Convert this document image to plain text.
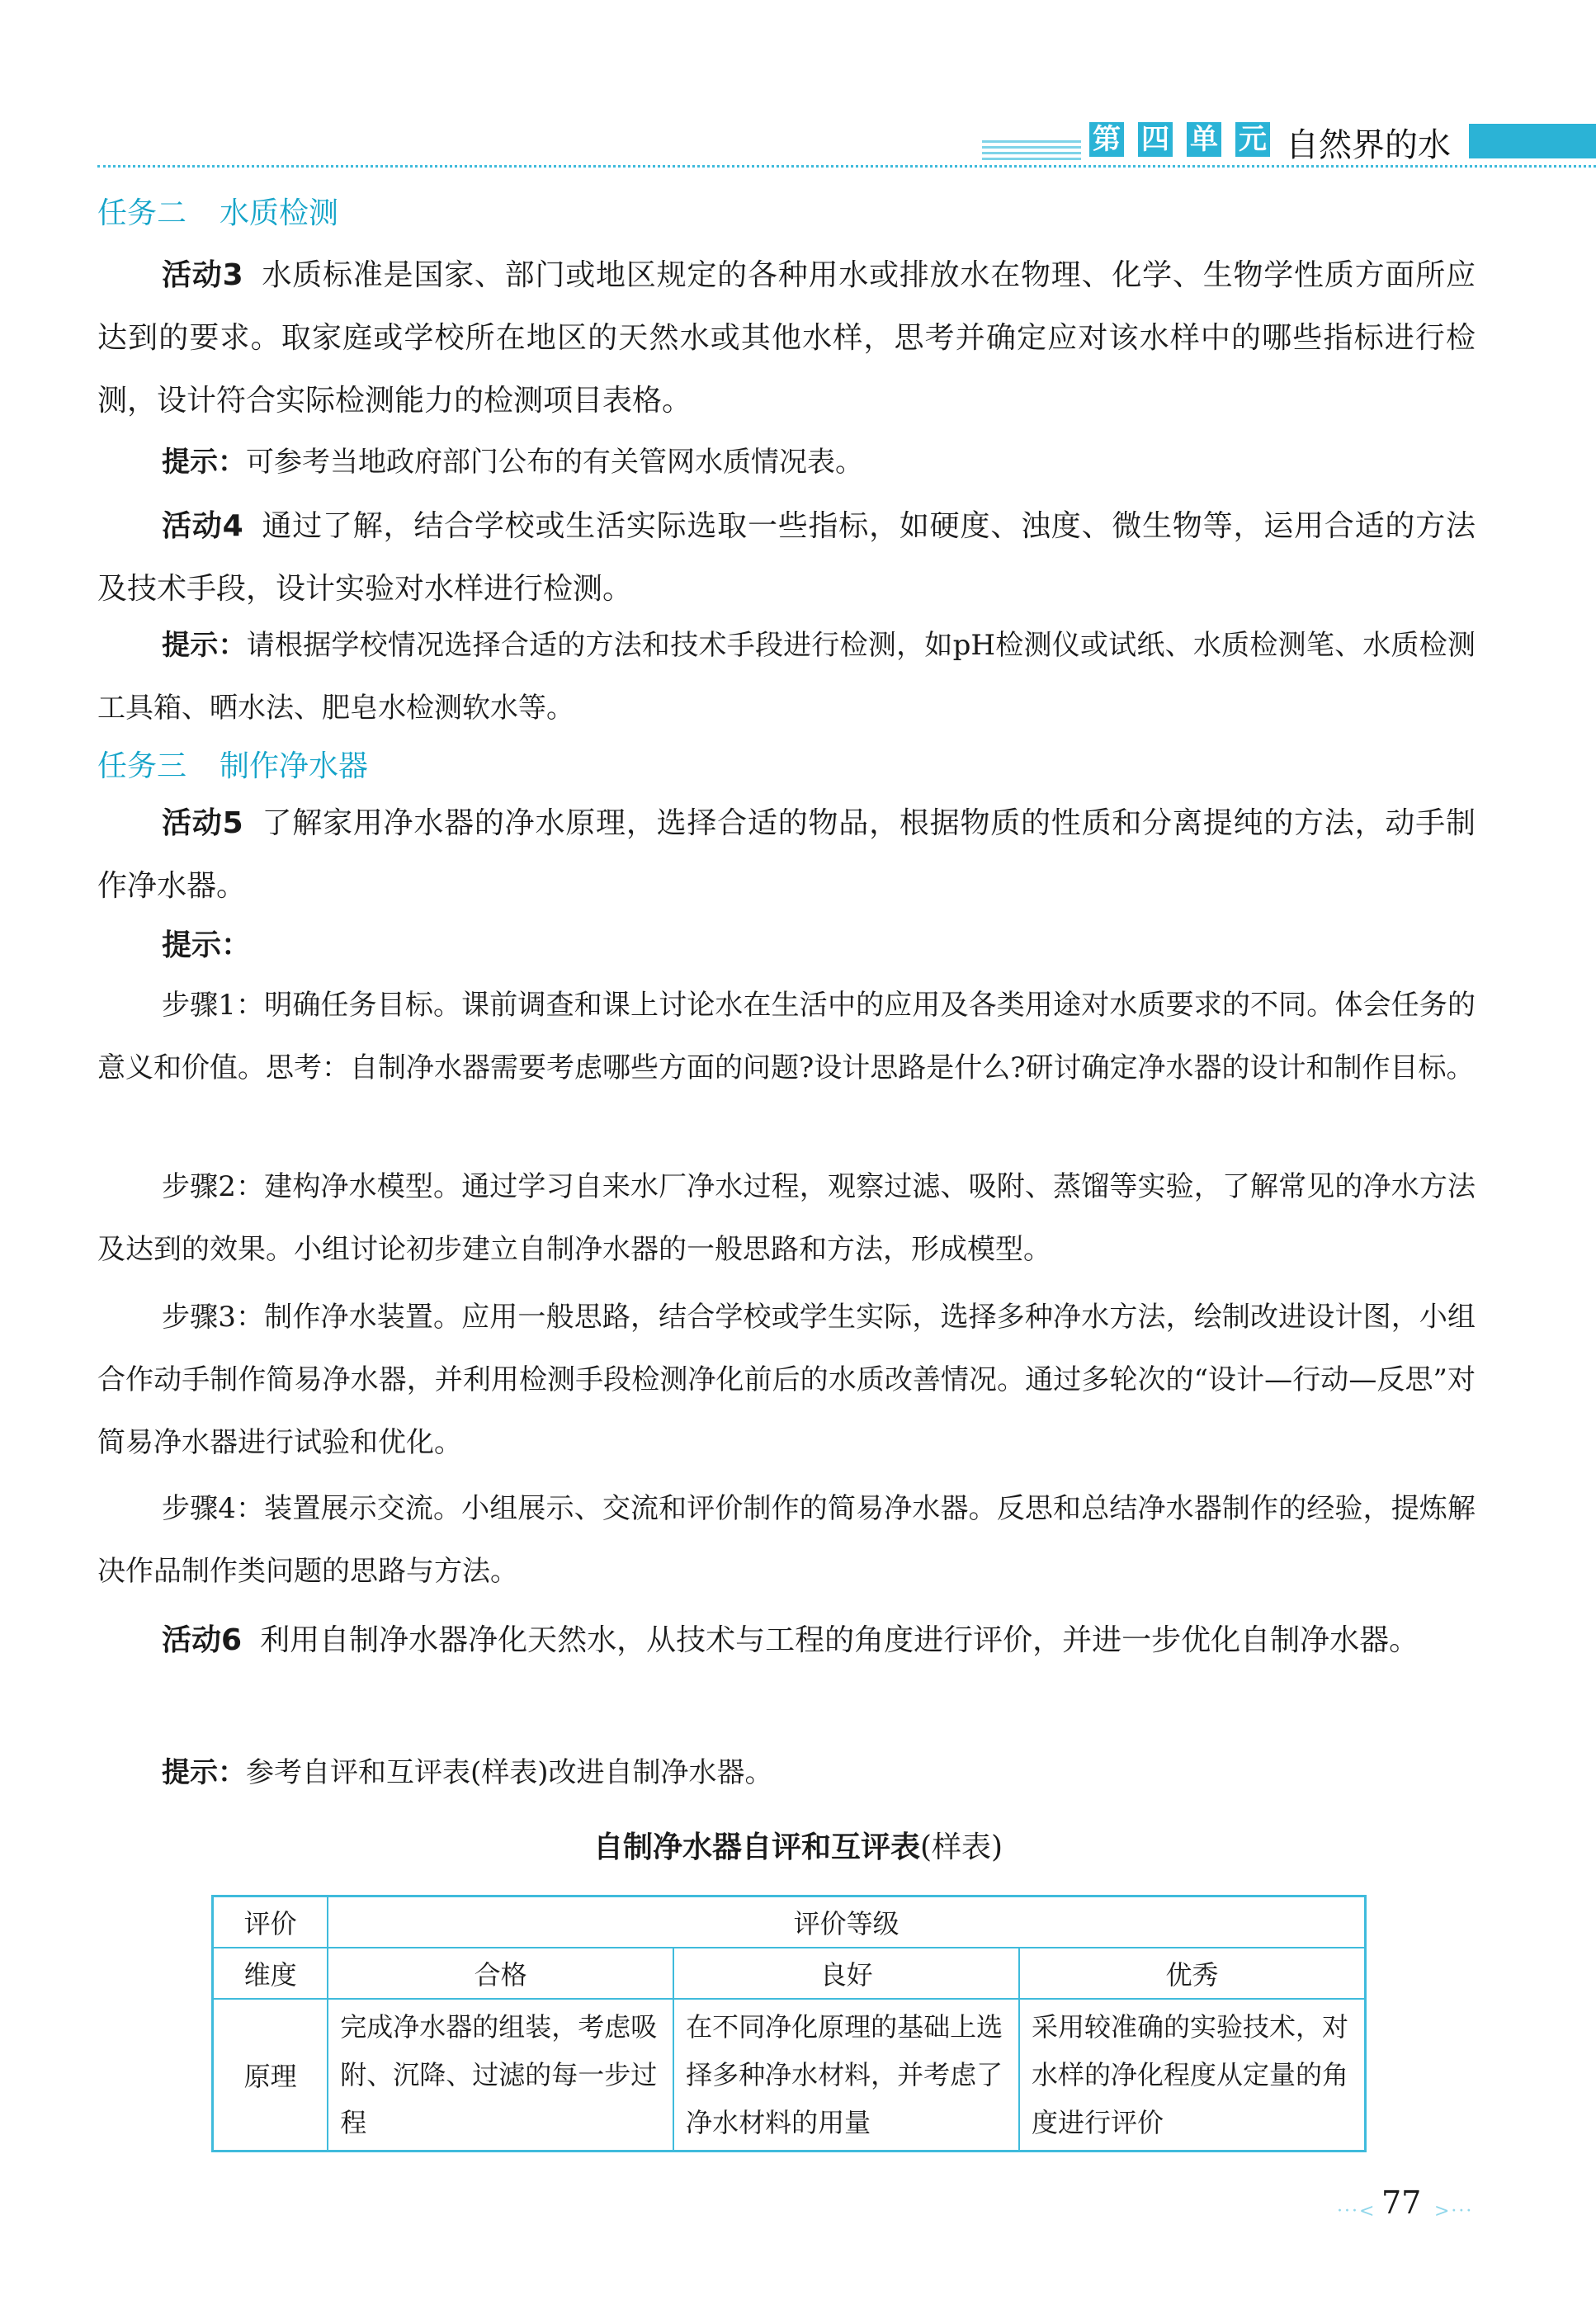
第 四 单 元 自然界的水
任务二 水质检测
活动3 水质标准是国家、部门或地区规定的各种用水或排放水在物理、化学、生物学性质方面所应达到的要求。取家庭或学校所在地区的天然水或其他水样，思考并确定应对该水样中的哪些指标进行检测，设计符合实际检测能力的检测项目表格。
提示：可参考当地政府部门公布的有关管网水质情况表。
活动4 通过了解，结合学校或生活实际选取一些指标，如硬度、浊度、微生物等，运用合适的方法及技术手段，设计实验对水样进行检测。
提示：请根据学校情况选择合适的方法和技术手段进行检测，如pH检测仪或试纸、水质检测笔、水质检测工具箱、晒水法、肥皂水检测软水等。
任务三 制作净水器
活动5 了解家用净水器的净水原理，选择合适的物品，根据物质的性质和分离提纯的方法，动手制作净水器。
提示：
步骤1：明确任务目标。课前调查和课上讨论水在生活中的应用及各类用途对水质要求的不同。体会任务的意义和价值。思考：自制净水器需要考虑哪些方面的问题?设计思路是什么?研讨确定净水器的设计和制作目标。
步骤2：建构净水模型。通过学习自来水厂净水过程，观察过滤、吸附、蒸馏等实验，了解常见的净水方法及达到的效果。小组讨论初步建立自制净水器的一般思路和方法，形成模型。
步骤3：制作净水装置。应用一般思路，结合学校或学生实际，选择多种净水方法，绘制改进设计图，小组合作动手制作简易净水器，并利用检测手段检测净化前后的水质改善情况。通过多轮次的“设计—行动—反思”对简易净水器进行试验和优化。
步骤4：装置展示交流。小组展示、交流和评价制作的简易净水器。反思和总结净水器制作的经验，提炼解决作品制作类问题的思路与方法。
活动6 利用自制净水器净化天然水，从技术与工程的角度进行评价，并进一步优化自制净水器。
提示：参考自评和互评表(样表)改进自制净水器。
自制净水器自评和互评表(样表)
评价	评价等级		
维度	合格	良好	优秀
原理	完成净水器的组装，考虑吸附、沉降、过滤的每一步过程	在不同净化原理的基础上选择多种净水材料，并考虑了净水材料的用量	采用较准确的实验技术，对水样的净化程度从定量的角度进行评价
···< 77 >···
